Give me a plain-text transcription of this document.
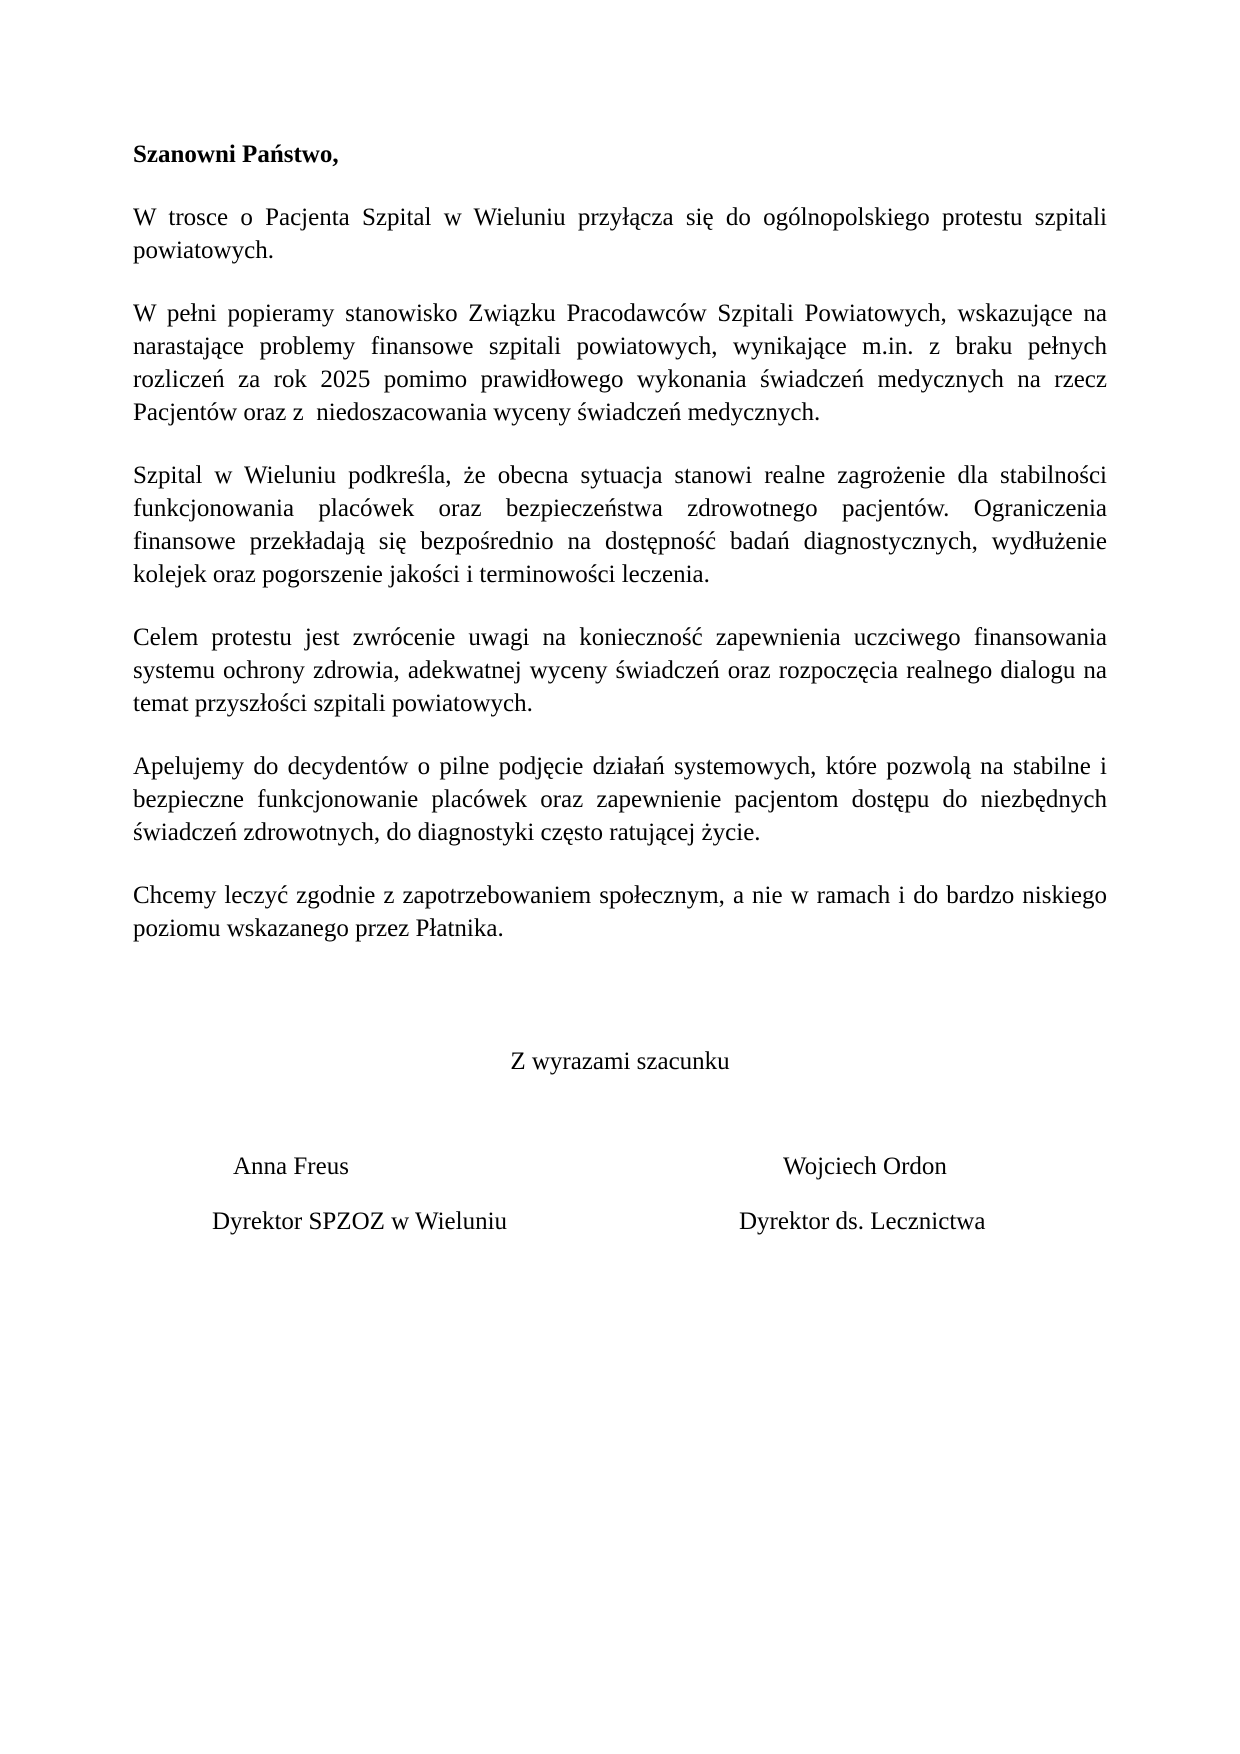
Szanowni Państwo,

W trosce o Pacjenta Szpital w Wieluniu przyłącza się do ogólnopolskiego protestu szpitali powiatowych.

W pełni popieramy stanowisko Związku Pracodawców Szpitali Powiatowych, wskazujące na narastające problemy finansowe szpitali powiatowych, wynikające m.in. z braku pełnych rozliczeń za rok 2025 pomimo prawidłowego wykonania świadczeń medycznych na rzecz Pacjentów oraz z  niedoszacowania wyceny świadczeń medycznych.

Szpital w Wieluniu podkreśla, że obecna sytuacja stanowi realne zagrożenie dla stabilności funkcjonowania placówek oraz bezpieczeństwa zdrowotnego pacjentów. Ograniczenia finansowe przekładają się bezpośrednio na dostępność badań diagnostycznych, wydłużenie kolejek oraz pogorszenie jakości i terminowości leczenia.

Celem protestu jest zwrócenie uwagi na konieczność zapewnienia uczciwego finansowania systemu ochrony zdrowia, adekwatnej wyceny świadczeń oraz rozpoczęcia realnego dialogu na temat przyszłości szpitali powiatowych.

Apelujemy do decydentów o pilne podjęcie działań systemowych, które pozwolą na stabilne i bezpieczne funkcjonowanie placówek oraz zapewnienie pacjentom dostępu do niezbędnych świadczeń zdrowotnych, do diagnostyki często ratującej życie.

Chcemy leczyć zgodnie z zapotrzebowaniem społecznym, a nie w ramach i do bardzo niskiego poziomu wskazanego przez Płatnika.

Z wyrazami szacunku

Anna Freus	Wojciech Ordon
Dyrektor SPZOZ w Wieluniu	Dyrektor ds. Lecznictwa
